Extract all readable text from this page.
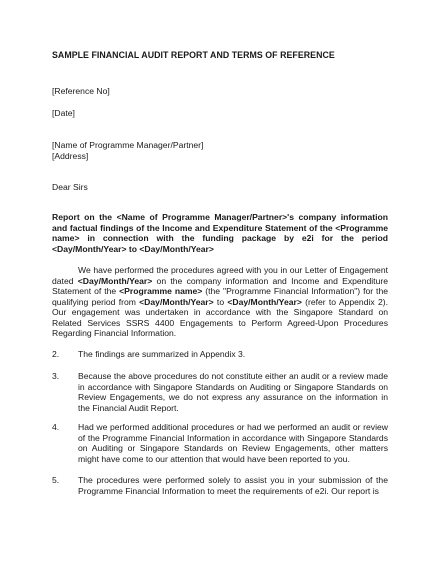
SAMPLE FINANCIAL AUDIT REPORT AND TERMS OF REFERENCE
[Reference No]
[Date]
[Name of Programme Manager/Partner]
[Address]
Dear Sirs
Report on the <Name of Programme Manager/Partner>'s company information and factual findings of the Income and Expenditure Statement of the <Programme name> in connection with the funding package by e2i for the period <Day/Month/Year> to <Day/Month/Year>
We have performed the procedures agreed with you in our Letter of Engagement dated <Day/Month/Year> on the company information and Income and Expenditure Statement of the <Programme name> (the "Programme Financial Information") for the qualifying period from <Day/Month/Year> to <Day/Month/Year> (refer to Appendix 2). Our engagement was undertaken in accordance with the Singapore Standard on Related Services SSRS 4400 Engagements to Perform Agreed-Upon Procedures Regarding Financial Information.
2. The findings are summarized in Appendix 3.
3. Because the above procedures do not constitute either an audit or a review made in accordance with Singapore Standards on Auditing or Singapore Standards on Review Engagements, we do not express any assurance on the information in the Financial Audit Report.
4. Had we performed additional procedures or had we performed an audit or review of the Programme Financial Information in accordance with Singapore Standards on Auditing or Singapore Standards on Review Engagements, other matters might have come to our attention that would have been reported to you.
5. The procedures were performed solely to assist you in your submission of the Programme Financial Information to meet the requirements of e2i. Our report is
